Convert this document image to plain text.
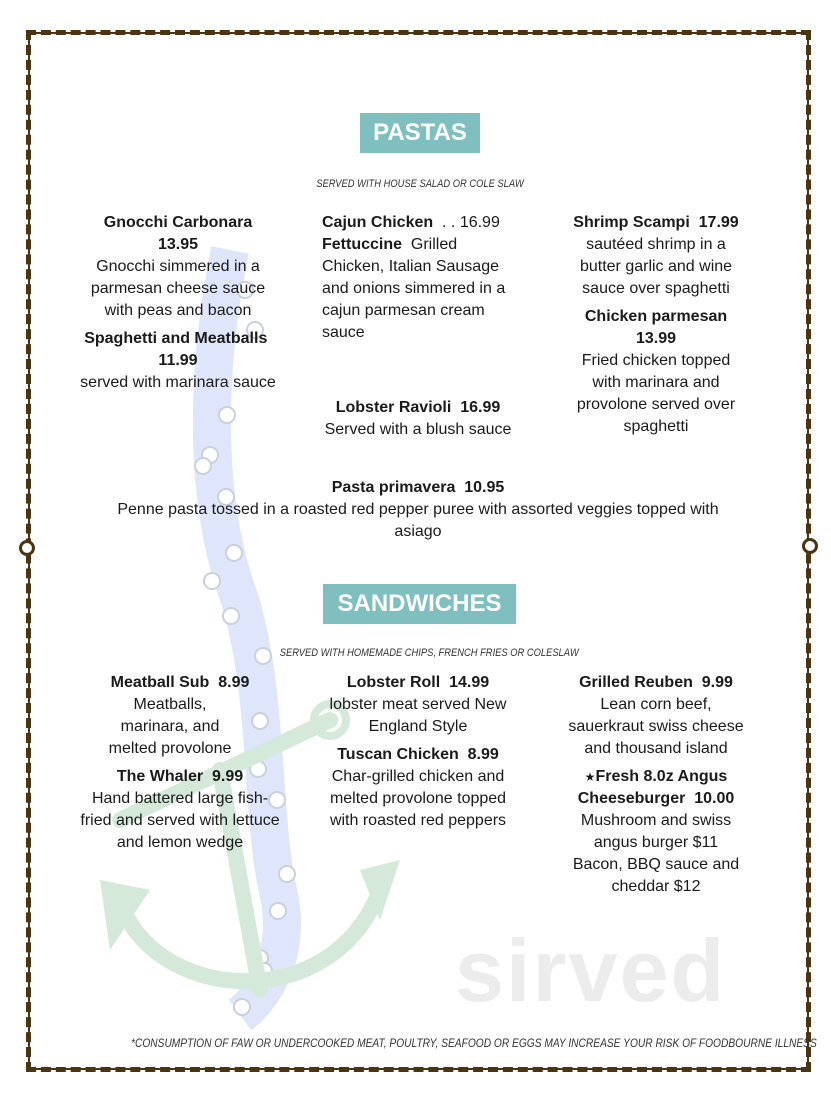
sirved
PASTAS
SERVED WITH HOUSE SALAD OR COLE SLAW
Gnocchi Carbonara
13.95
Gnocchi simmered in a parmesan cheese sauce with peas and bacon
Spaghetti and Meatballs  11.99
served with marinara sauce
Cajun Chicken . . 16.99
Fettuccine Grilled Chicken, Italian Sausage and onions simmered in a cajun parmesan cream sauce
Lobster Ravioli 16.99
Served with a blush sauce
Shrimp Scampi 17.99
sautéed shrimp in a butter garlic and wine sauce over spaghetti
Chicken parmesan
13.99
Fried chicken topped with marinara and provolone served over spaghetti
Pasta primavera 10.95
Penne pasta tossed in a roasted red pepper puree with assorted veggies topped with asiago
SANDWICHES
SERVED WITH HOMEMADE CHIPS, FRENCH FRIES OR COLESLAW
Meatball Sub 8.99

Meatballs, marinara, and melted provolone
The Whaler 9.99
Hand battered large fish-fried and served with lettuce and lemon wedge
Lobster Roll 14.99
lobster meat served New England Style
Tuscan Chicken 8.99
Char-grilled chicken and melted provolone topped with roasted red peppers
Grilled Reuben 9.99
Lean corn beef, sauerkraut swiss cheese and thousand island
★Fresh 8.0z Angus Cheeseburger 10.00
Mushroom and swiss angus burger $11
Bacon, BBQ sauce and cheddar $12
*CONSUMPTION OF FAW OR UNDERCOOKED MEAT, POULTRY, SEAFOOD OR EGGS MAY INCREASE YOUR RISK OF FOODBOURNE ILLNESS
